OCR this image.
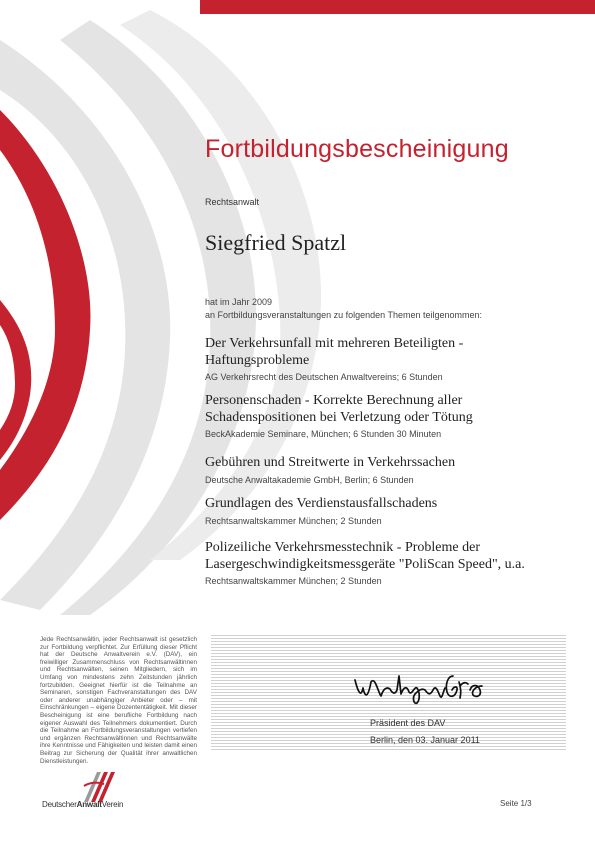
Fortbildungsbescheinigung
Rechtsanwalt
Siegfried Spatzl
hat im Jahr 2009
an Fortbildungsveranstaltungen zu folgenden Themen teilgenommen:
Der Verkehrsunfall mit mehreren Beteiligten -
Haftungsprobleme
AG Verkehrsrecht des Deutschen Anwaltvereins; 6 Stunden
Personenschaden - Korrekte Berechnung aller
Schadenspositionen bei Verletzung oder Tötung
BeckAkademie Seminare, München; 6 Stunden 30 Minuten
Gebühren und Streitwerte in Verkehrssachen
Deutsche Anwaltakademie GmbH, Berlin; 6 Stunden
Grundlagen des Verdienstausfallschadens
Rechtsanwaltskammer München; 2 Stunden
Polizeiliche Verkehrsmesstechnik - Probleme der
Lasergeschwindigkeitsmessgeräte "PoliScan Speed", u.a.
Rechtsanwaltskammer München; 2 Stunden
Jede Rechtsanwältin, jeder Rechtsanwalt ist gesetzlich zur Fortbildung verpflichtet. Zur Erfüllung dieser Pflicht hat der Deutsche Anwaltverein e.V. (DAV), ein freiwilliger Zusammenschluss von Rechtsanwältinnen und Rechtsanwälten, seinen Mitgliedern, sich im Umfang von mindestens zehn Zeitstunden jährlich fortzubilden. Geeignet hierfür ist die Teilnahme an Seminaren, sonstigen Fachveranstaltungen des DAV oder anderer unabhängiger Anbieter oder – mit Einschränkungen – eigene Dozententätigkeit. Mit dieser Bescheinigung ist eine berufliche Fortbildung nach eigener Auswahl des Teilnehmers dokumentiert. Durch die Teilnahme an Fortbildungsveranstaltungen vertiefen und ergänzen Rechtsanwältinnen und Rechtsanwälte ihre Kenntnisse und Fähigkeiten und leisten damit einen Beitrag zur Sicherung der Qualität ihrer anwaltlichen Dienstleistungen.
Präsident des DAV
Berlin, den 03. Januar 2011
DeutscherAnwaltVerein	Seite 1/3
